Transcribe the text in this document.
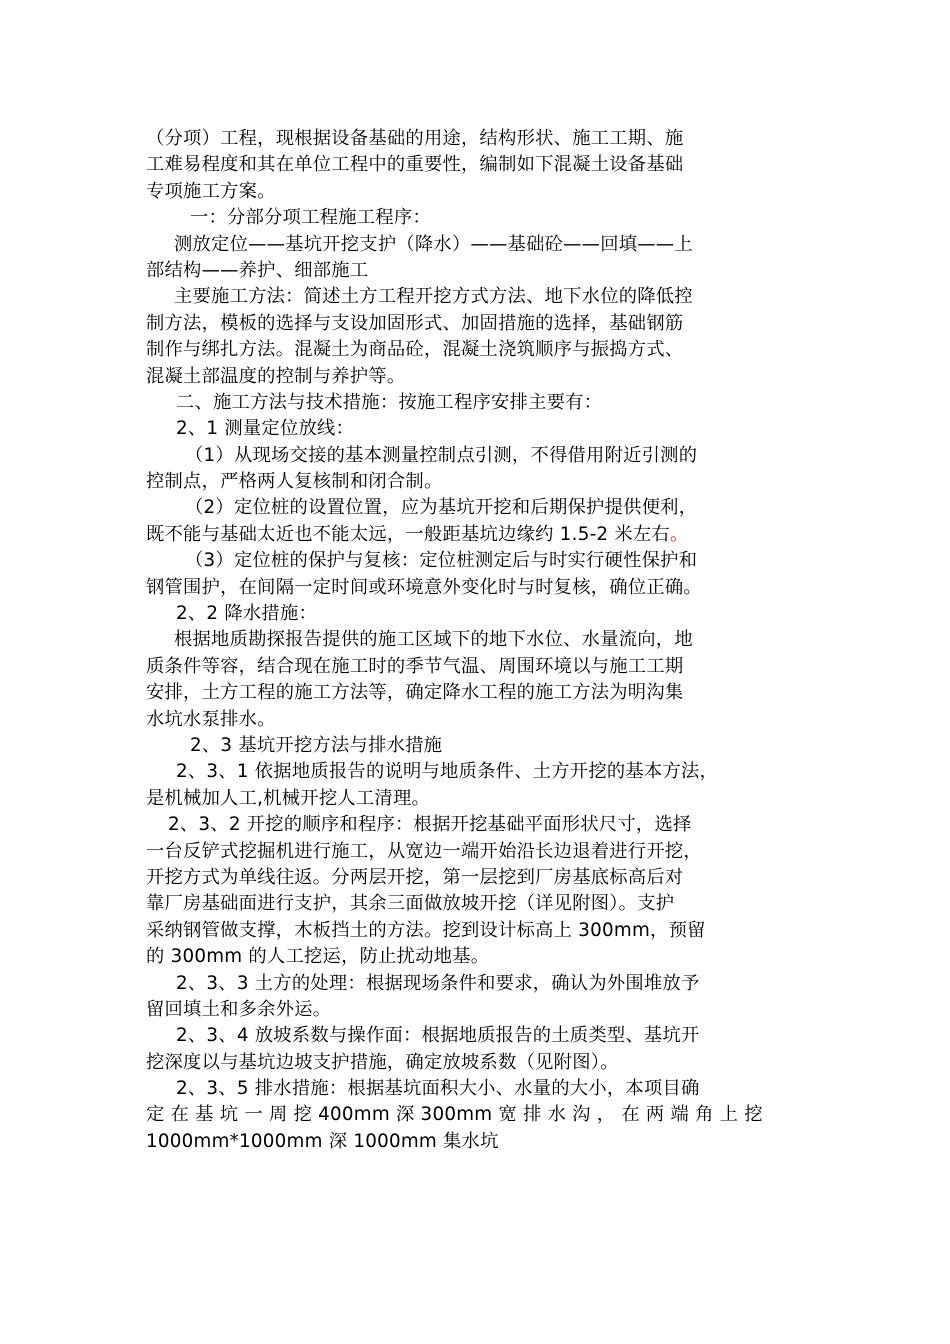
（分项）工程，现根据设备基础的用途，结构形状、施工工期、施
工难易程度和其在单位工程中的重要性，编制如下混凝土设备基础
专项施工方案。
一：分部分项工程施工程序：
测放定位——基坑开挖支护（降水）——基础砼——回填——上
部结构——养护、细部施工
主要施工方法：简述土方工程开挖方式方法、地下水位的降低控
制方法，模板的选择与支设加固形式、加固措施的选择，基础钢筋
制作与绑扎方法。混凝土为商品砼，混凝土浇筑顺序与振捣方式、
混凝土部温度的控制与养护等。
二、施工方法与技术措施：按施工程序安排主要有：
2、1 测量定位放线：
（1）从现场交接的基本测量控制点引测，不得借用附近引测的
控制点，严格两人复核制和闭合制。
（2）定位桩的设置位置，应为基坑开挖和后期保护提供便利，
既不能与基础太近也不能太远，一般距基坑边缘约 1.5-2 米左右。
（3）定位桩的保护与复核：定位桩测定后与时实行硬性保护和
钢管围护，在间隔一定时间或环境意外变化时与时复核，确位正确。
2、2 降水措施：
根据地质勘探报告提供的施工区域下的地下水位、水量流向，地
质条件等容，结合现在施工时的季节气温、周围环境以与施工工期
安排，土方工程的施工方法等，确定降水工程的施工方法为明沟集
水坑水泵排水。
2、3 基坑开挖方法与排水措施
2、3、1 依据地质报告的说明与地质条件、土方开挖的基本方法，
是机械加人工,机械开挖人工清理。
2、3、2 开挖的顺序和程序：根据开挖基础平面形状尺寸，选择
一台反铲式挖掘机进行施工，从宽边一端开始沿长边退着进行开挖，
开挖方式为单线往返。分两层开挖，第一层挖到厂房基底标高后对
靠厂房基础面进行支护，其余三面做放坡开挖（详见附图）。支护
采纳钢管做支撑，木板挡土的方法。挖到设计标高上 300mm，预留
的 300mm 的人工挖运，防止扰动地基。
2、3、3 土方的处理：根据现场条件和要求，确认为外围堆放予
留回填土和多余外运。
2、3、4 放坡系数与操作面：根据地质报告的土质类型、基坑开
挖深度以与基坑边坡支护措施，确定放坡系数（见附图）。
2、3、5 排水措施：根据基坑面积大小、水量的大小，本项目确
定 在 基 坑 一 周 挖 400mm 深 300mm 宽 排 水 沟 ， 在 两 端 角 上 挖
1000mm*1000mm 深 1000mm 集水坑
